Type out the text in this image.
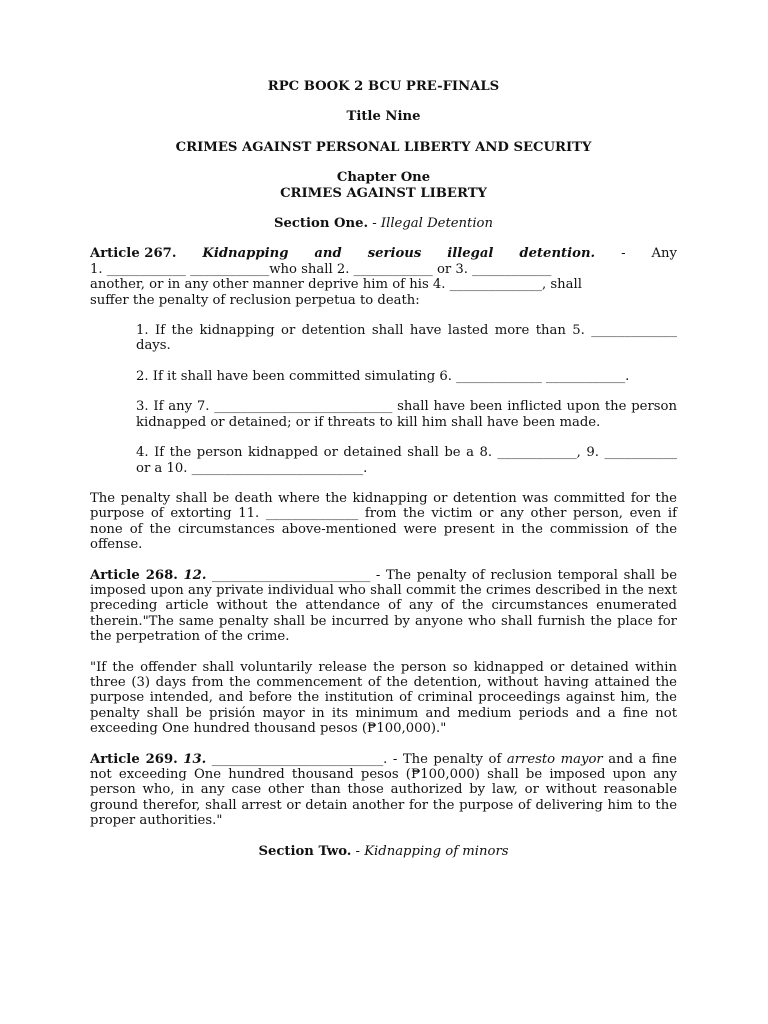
RPC BOOK 2 BCU PRE-FINALS

Title Nine

CRIMES AGAINST PERSONAL LIBERTY AND SECURITY

Chapter One

CRIMES AGAINST LIBERTY

Section One. - Illegal Detention

Article 267. Kidnapping and serious illegal detention. - Any

1. ____________ ____________who shall 2. ____________ or 3. ____________

another, or in any other manner deprive him of his 4. ______________, shall

suffer the penalty of reclusion perpetua to death:

1. If the kidnapping or detention shall have lasted more than 5. _____________ days.

2. If it shall have been committed simulating 6. _____________ ____________.

3. If any 7. ___________________________ shall have been inflicted upon the person kidnapped or detained; or if threats to kill him shall have been made.

4. If the person kidnapped or detained shall be a 8. ____________, 9. ___________ or a 10. __________________________.

The penalty shall be death where the kidnapping or detention was committed for the purpose of extorting 11. ______________ from the victim or any other person, even if none of the circumstances above-mentioned were present in the commission of the offense.

Article 268. 12. ________________________ - The penalty of reclusion temporal shall be imposed upon any private individual who shall commit the crimes described in the next preceding article without the attendance of any of the circumstances enumerated therein."The same penalty shall be incurred by anyone who shall furnish the place for the perpetration of the crime.

"If the offender shall voluntarily release the person so kidnapped or detained within three (3) days from the commencement of the detention, without having attained the purpose intended, and before the institution of criminal proceedings against him, the penalty shall be prisión mayor in its minimum and medium periods and a fine not exceeding One hundred thousand pesos (₱100,000)."

Article 269. 13. __________________________. - The penalty of arresto mayor and a fine not exceeding One hundred thousand pesos (₱100,000) shall be imposed upon any person who, in any case other than those authorized by law, or without reasonable ground therefor, shall arrest or detain another for the purpose of delivering him to the proper authorities."

Section Two. - Kidnapping of minors
